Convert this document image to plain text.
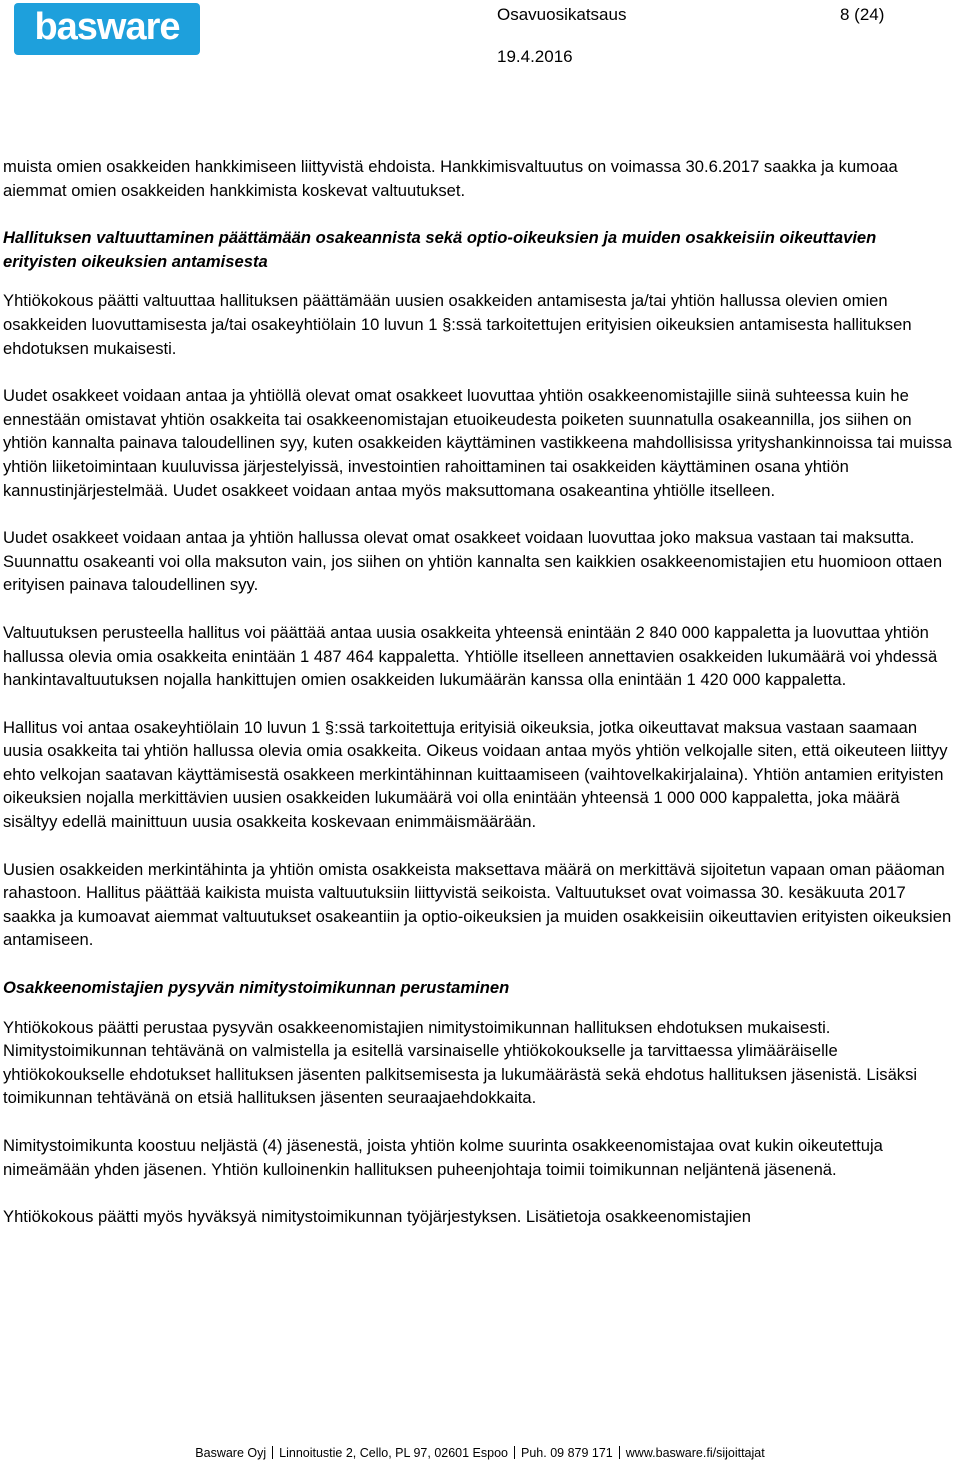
basware	Osavuosikatsaus	8 (24)
19.4.2016

muista omien osakkeiden hankkimiseen liittyvistä ehdoista. Hankkimisvaltuutus on voimassa 30.6.2017 saakka ja kumoaa aiemmat omien osakkeiden hankkimista koskevat valtuutukset.

Hallituksen valtuuttaminen päättämään osakeannista sekä optio-oikeuksien ja muiden osakkeisiin oikeuttavien erityisten oikeuksien antamisesta

Yhtiökokous päätti valtuuttaa hallituksen päättämään uusien osakkeiden antamisesta ja/tai yhtiön hallussa olevien omien osakkeiden luovuttamisesta ja/tai osakeyhtiölain 10 luvun 1 §:ssä tarkoitettujen erityisien oikeuksien antamisesta hallituksen ehdotuksen mukaisesti.

Uudet osakkeet voidaan antaa ja yhtiöllä olevat omat osakkeet luovuttaa yhtiön osakkeenomistajille siinä suhteessa kuin he ennestään omistavat yhtiön osakkeita tai osakkeenomistajan etuoikeudesta poiketen suunnatulla osakeannilla, jos siihen on yhtiön kannalta painava taloudellinen syy, kuten osakkeiden käyttäminen vastikkeena mahdollisissa yrityshankinnoissa tai muissa yhtiön liiketoimintaan kuuluvissa järjestelyissä, investointien rahoittaminen tai osakkeiden käyttäminen osana yhtiön kannustinjärjestelmää. Uudet osakkeet voidaan antaa myös maksuttomana osakeantina yhtiölle itselleen.

Uudet osakkeet voidaan antaa ja yhtiön hallussa olevat omat osakkeet voidaan luovuttaa joko maksua vastaan tai maksutta. Suunnattu osakeanti voi olla maksuton vain, jos siihen on yhtiön kannalta sen kaikkien osakkeenomistajien etu huomioon ottaen erityisen painava taloudellinen syy.

Valtuutuksen perusteella hallitus voi päättää antaa uusia osakkeita yhteensä enintään 2 840 000 kappaletta ja luovuttaa yhtiön hallussa olevia omia osakkeita enintään 1 487 464 kappaletta. Yhtiölle itselleen annettavien osakkeiden lukumäärä voi yhdessä hankintavaltuutuksen nojalla hankittujen omien osakkeiden lukumäärän kanssa olla enintään 1 420 000 kappaletta.

Hallitus voi antaa osakeyhtiölain 10 luvun 1 §:ssä tarkoitettuja erityisiä oikeuksia, jotka oikeuttavat maksua vastaan saamaan uusia osakkeita tai yhtiön hallussa olevia omia osakkeita. Oikeus voidaan antaa myös yhtiön velkojalle siten, että oikeuteen liittyy ehto velkojan saatavan käyttämisestä osakkeen merkintähinnan kuittaamiseen (vaihtovelkakirjalaina). Yhtiön antamien erityisten oikeuksien nojalla merkittävien uusien osakkeiden lukumäärä voi olla enintään yhteensä 1 000 000 kappaletta, joka määrä sisältyy edellä mainittuun uusia osakkeita koskevaan enimmäismäärään.

Uusien osakkeiden merkintähinta ja yhtiön omista osakkeista maksettava määrä on merkittävä sijoitetun vapaan oman pääoman rahastoon. Hallitus päättää kaikista muista valtuutuksiin liittyvistä seikoista. Valtuutukset ovat voimassa 30. kesäkuuta 2017 saakka ja kumoavat aiemmat valtuutukset osakeantiin ja optio-oikeuksien ja muiden osakkeisiin oikeuttavien erityisten oikeuksien antamiseen.

Osakkeenomistajien pysyvän nimitystoimikunnan perustaminen

Yhtiökokous päätti perustaa pysyvän osakkeenomistajien nimitystoimikunnan hallituksen ehdotuksen mukaisesti. Nimitystoimikunnan tehtävänä on valmistella ja esitellä varsinaiselle yhtiökokoukselle ja tarvittaessa ylimääräiselle yhtiökokoukselle ehdotukset hallituksen jäsenten palkitsemisesta ja lukumäärästä sekä ehdotus hallituksen jäsenistä. Lisäksi toimikunnan tehtävänä on etsiä hallituksen jäsenten seuraajaehdokkaita.

Nimitystoimikunta koostuu neljästä (4) jäsenestä, joista yhtiön kolme suurinta osakkeenomistajaa ovat kukin oikeutettuja nimeämään yhden jäsenen. Yhtiön kulloinenkin hallituksen puheenjohtaja toimii toimikunnan neljäntenä jäsenenä.

Yhtiökokous päätti myös hyväksyä nimitystoimikunnan työjärjestyksen. Lisätietoja osakkeenomistajien

Basware Oyj Linnoitustie 2, Cello, PL 97, 02601 Espoo Puh. 09 879 171 www.basware.fi/sijoittajat
